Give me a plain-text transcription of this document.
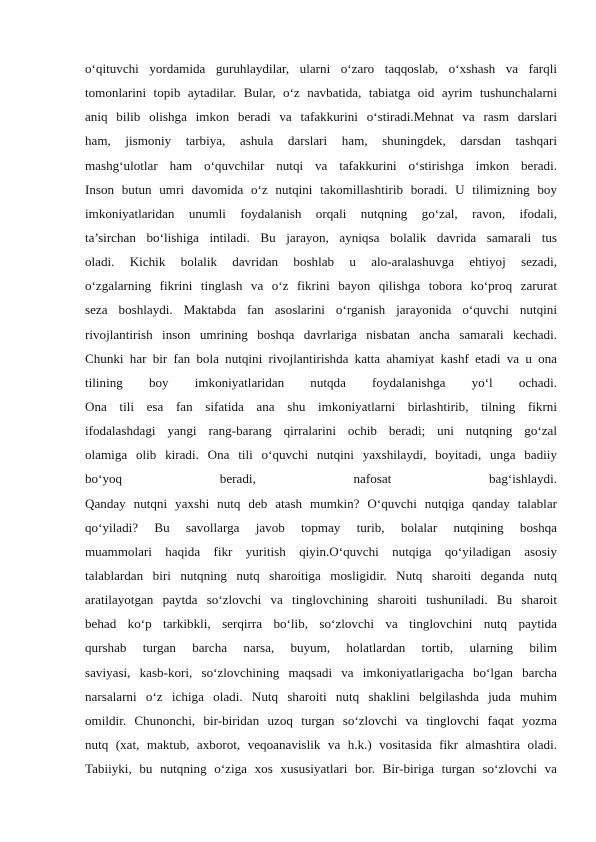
o‘qituvchi yordamida guruhlaydilar, ularni o‘zaro taqqoslab, o‘xshash va farqli
tomonlarini topib aytadilar. Bular, o‘z navbatida, tabiatga oid ayrim tushunchalarni
aniq bilib olishga imkon beradi va tafakkurini o‘stiradi.Mehnat va rasm darslari
ham, jismoniy tarbiya, ashula darslari ham, shuningdek, darsdan tashqari
mashg‘ulotlar ham o‘quvchilar nutqi va tafakkurini o‘stirishga imkon beradi.
Inson butun umri davomida o‘z nutqini takomillashtirib boradi. U tilimizning boy
imkoniyatlaridan unumli foydalanish orqali nutqning go‘zal, ravon, ifodali,
ta’sirchan bo‘lishiga intiladi. Bu jarayon, ayniqsa bolalik davrida samarali tus
oladi. Kichik bolalik davridan boshlab u alo-aralashuvga ehtiyoj sezadi,
o‘zgalarning fikrini tinglash va o‘z fikrini bayon qilishga tobora ko‘proq zarurat
seza boshlaydi. Maktabda fan asoslarini o‘rganish jarayonida o‘quvchi nutqini
rivojlantirish inson umrining boshqa davrlariga nisbatan ancha samarali kechadi.
Chunki har bir fan bola nutqini rivojlantirishda katta ahamiyat kashf etadi va u ona
tilining boy imkoniyatlaridan nutqda foydalanishga yo‘l ochadi.
Ona tili esa fan sifatida ana shu imkoniyatlarni birlashtirib, tilning fikrni
ifodalashdagi yangi rang-barang qirralarini ochib beradi; uni nutqning go‘zal
olamiga olib kiradi. Ona tili o‘quvchi nutqini yaxshilaydi, boyitadi, unga badiiy
bo‘yoq beradi, nafosat bag‘ishlaydi.
Qanday nutqni yaxshi nutq deb atash mumkin? O‘quvchi nutqiga qanday talablar
qo‘yiladi? Bu savollarga javob topmay turib, bolalar nutqining boshqa
muammolari haqida fikr yuritish qiyin.O‘quvchi nutqiga qo‘yiladigan asosiy
talablardan biri nutqning nutq sharoitiga mosligidir. Nutq sharoiti deganda nutq
aratilayotgan paytda so‘zlovchi va tinglovchining sharoiti tushuniladi. Bu sharoit
behad ko‘p tarkibkli, serqirra bo‘lib, so‘zlovchi va tinglovchini nutq paytida
qurshab turgan barcha narsa, buyum, holatlardan tortib, ularning bilim
saviyasi, kasb-kori, so‘zlovchining maqsadi va imkoniyatlarigacha bo‘lgan barcha
narsalarni o‘z ichiga oladi. Nutq sharoiti nutq shaklini belgilashda juda muhim
omildir. Chunonchi, bir-biridan uzoq turgan so‘zlovchi va tinglovchi faqat yozma
nutq (xat, maktub, axborot, veqoanavislik va h.k.) vositasida fikr almashtira oladi.
Tabiiyki, bu nutqning o‘ziga xos xususiyatlari bor. Bir-biriga turgan so‘zlovchi va
